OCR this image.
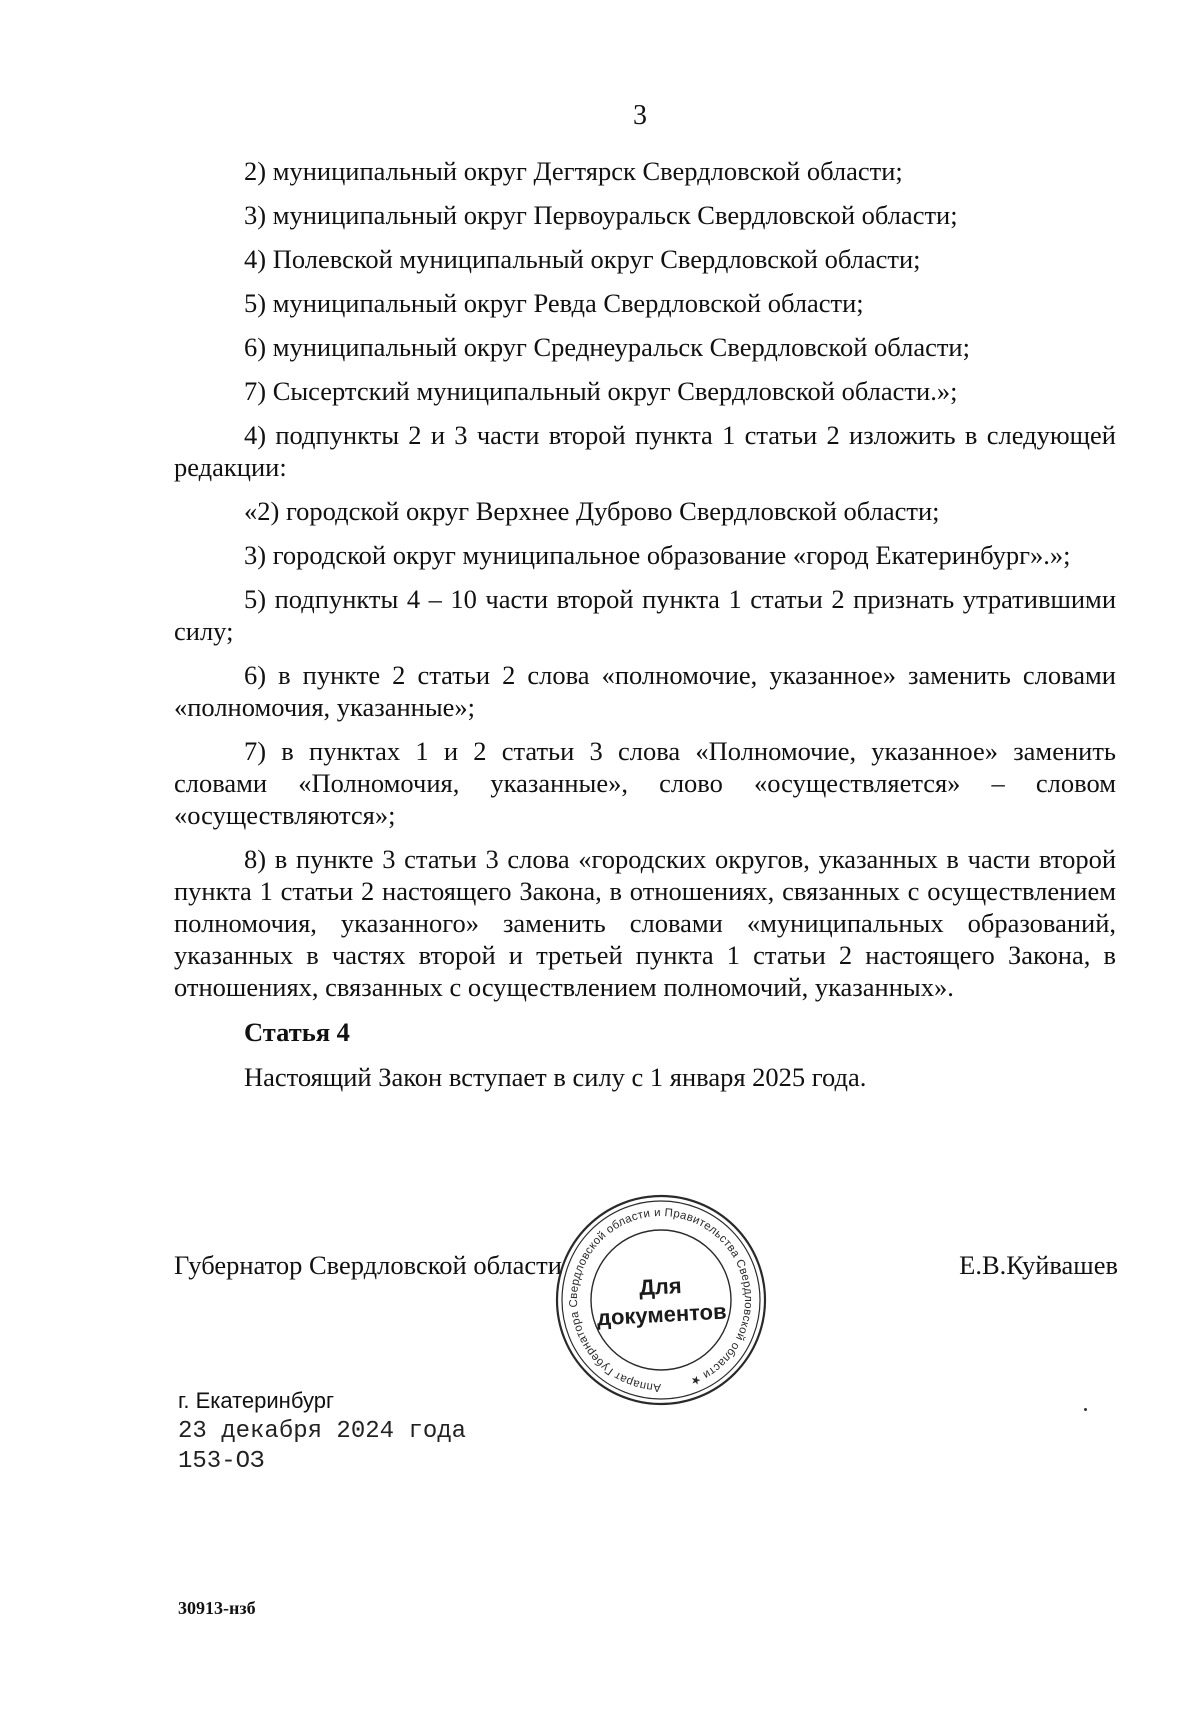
3

2) муниципальный округ Дегтярск Свердловской области;

3) муниципальный округ Первоуральск Свердловской области;

4) Полевской муниципальный округ Свердловской области;

5) муниципальный округ Ревда Свердловской области;

6) муниципальный округ Среднеуральск Свердловской области;

7) Сысертский муниципальный округ Свердловской области.»;

4) подпункты 2 и 3 части второй пункта 1 статьи 2 изложить в следующей редакции:

«2) городской округ Верхнее Дуброво Свердловской области;

3) городской округ муниципальное образование «город Екатеринбург».»;

5) подпункты 4 – 10 части второй пункта 1 статьи 2 признать утратившими силу;

6) в пункте 2 статьи 2 слова «полномочие, указанное» заменить словами «полномочия, указанные»;

7) в пунктах 1 и 2 статьи 3 слова «Полномочие, указанное» заменить словами «Полномочия, указанные», слово «осуществляется» – словом «осуществляются»;

8) в пункте 3 статьи 3 слова «городских округов, указанных в части второй пункта 1 статьи 2 настоящего Закона, в отношениях, связанных с осуществлением полномочия, указанного» заменить словами «муниципальных образований, указанных в частях второй и третьей пункта 1 статьи 2 настоящего Закона, в отношениях, связанных с осуществлением полномочий, указанных».

Статья 4

Настоящий Закон вступает в силу с 1 января 2025 года.

Губернатор Свердловской области	Е.В.Куйвашев
Аппарат Губернатора Свердловской области и Правительства Свердловской области ★
Для
документов
г. Екатеринбург
23 декабря 2024 года
153-ОЗ
30913-нзб
